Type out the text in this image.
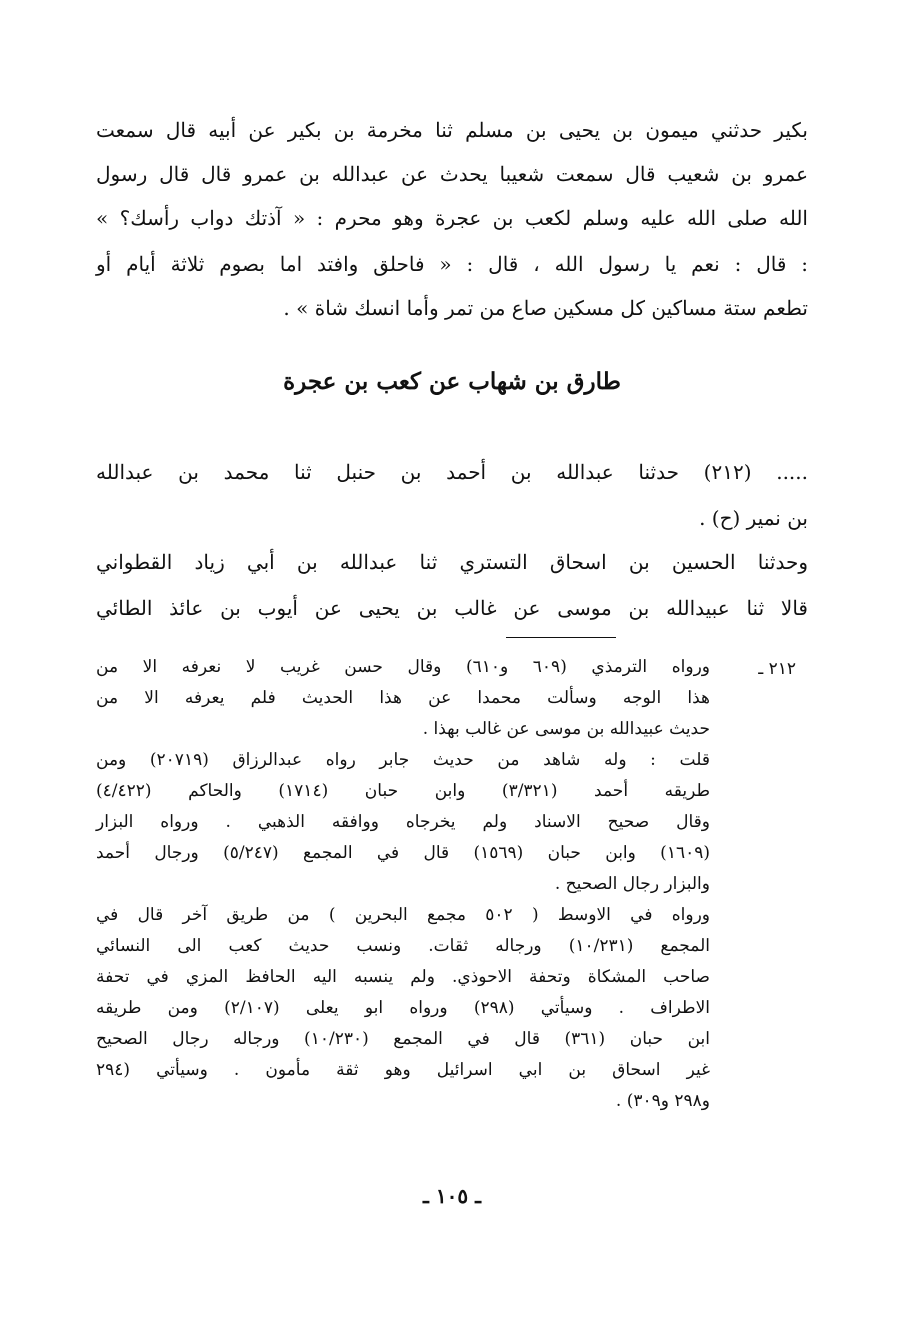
بكير حدثني ميمون بن يحيى بن مسلم ثنا مخرمة بن بكير عن أبيه قال سمعت
عمرو بن شعيب قال سمعت شعيبا يحدث عن عبدالله بن عمرو قال قال رسول
الله صلى الله عليه وسلم لكعب بن عجرة وهو محرم : « آذتك دواب رأسك؟ »
: قال : نعم يا رسول الله ، قال : « فاحلق وافتد اما بصوم ثلاثة أيام أو
تطعم ستة مساكين كل مسكين صاع من تمر وأما انسك شاة » .
طارق بن شهاب عن كعب بن عجرة
..... (٢١٢) حدثنا عبدالله بن أحمد بن حنبل ثنا محمد بن عبدالله
بن نمير (ح) .
وحدثنا الحسين بن اسحاق التستري ثنا عبدالله بن أبي زياد القطواني
قالا ثنا عبيدالله بن موسى عن غالب بن يحيى عن أيوب بن عائذ الطائي
٢١٢ ـ
ورواه الترمذي (٦٠٩ و٦١٠) وقال حسن غريب لا نعرفه الا من
هذا الوجه وسألت محمدا عن هذا الحديث فلم يعرفه الا من
حديث عبيدالله بن موسى عن غالب بهذا .
قلت : وله شاهد من حديث جابر رواه عبدالرزاق (٢٠٧١٩) ومن
طريقه أحمد (٣/٣٢١) وابن حبان (١٧١٤) والحاكم (٤/٤٢٢)
وقال صحيح الاسناد ولم يخرجاه ووافقه الذهبي . ورواه البزار
(١٦٠٩) وابن حبان (١٥٦٩) قال في المجمع (٥/٢٤٧) ورجال أحمد
والبزار رجال الصحيح .
ورواه في الاوسط ( ٥٠٢ مجمع البحرين ) من طريق آخر قال في
المجمع (١٠/٢٣١) ورجاله ثقات. ونسب حديث كعب الى النسائي
صاحب المشكاة وتحفة الاحوذي. ولم ينسبه اليه الحافظ المزي في تحفة
الاطراف . وسيأتي (٢٩٨) ورواه ابو يعلى (٢/١٠٧) ومن طريقه
ابن حبان (٣٦١) قال في المجمع (١٠/٢٣٠) ورجاله رجال الصحيح
غير اسحاق بن ابي اسرائيل وهو ثقة مأمون . وسيأتي (٢٩٤
و٢٩٨ و٣٠٩) .
ـ ١٠٥ ـ
